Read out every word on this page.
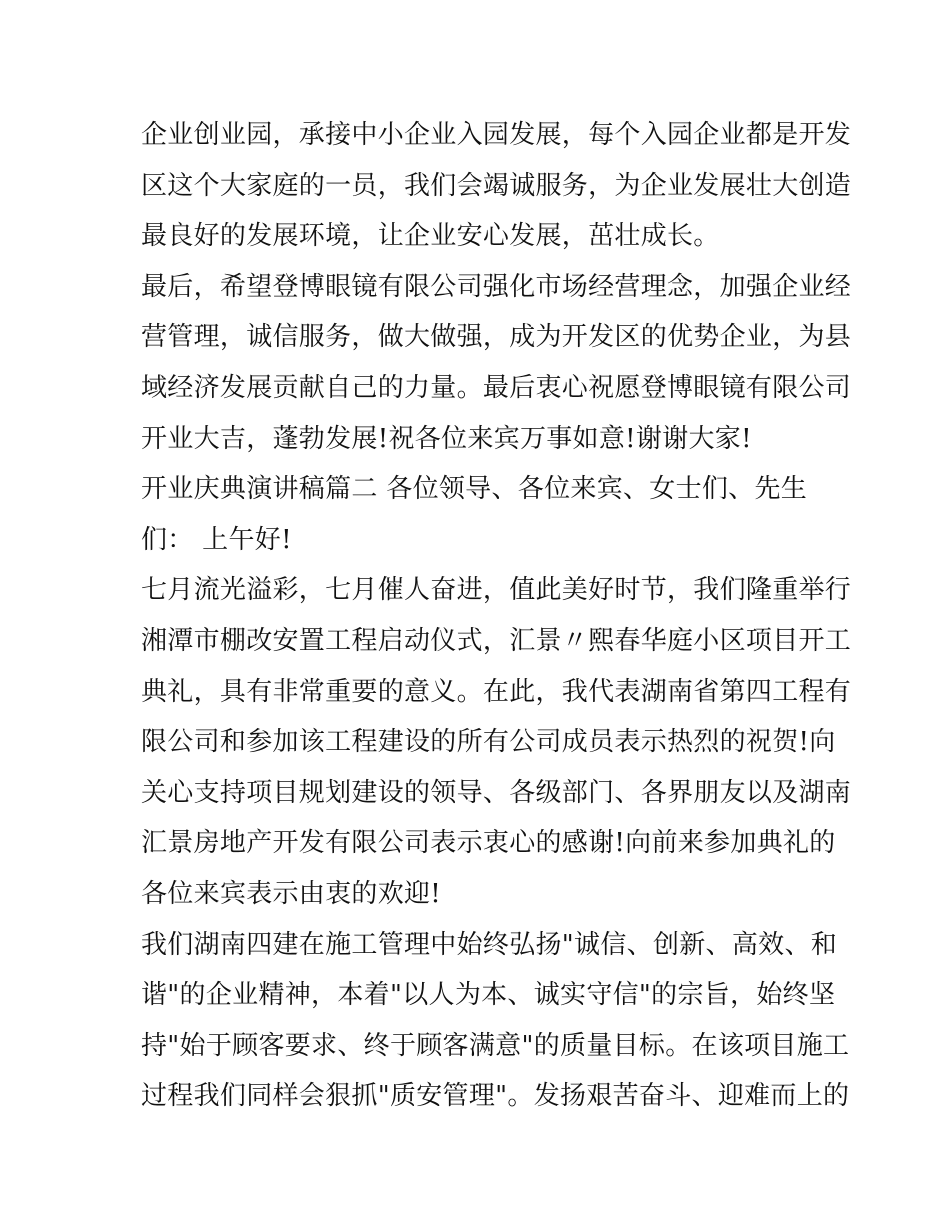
企业创业园，承接中小企业入园发展，每个入园企业都是开发
区这个大家庭的一员，我们会竭诚服务，为企业发展壮大创造
最良好的发展环境，让企业安心发展，茁壮成长。
最后，希望登博眼镜有限公司强化市场经营理念，加强企业经
营管理，诚信服务，做大做强，成为开发区的优势企业，为县
域经济发展贡献自己的力量。最后衷心祝愿登博眼镜有限公司
开业大吉，蓬勃发展!祝各位来宾万事如意!谢谢大家!
开业庆典演讲稿篇二 各位领导、各位来宾、女士们、先生
们： 上午好!
七月流光溢彩，七月催人奋进，值此美好时节，我们隆重举行
湘潭市棚改安置工程启动仪式，汇景〃熙春华庭小区项目开工
典礼，具有非常重要的意义。在此，我代表湖南省第四工程有
限公司和参加该工程建设的所有公司成员表示热烈的祝贺!向
关心支持项目规划建设的领导、各级部门、各界朋友以及湖南
汇景房地产开发有限公司表示衷心的感谢!向前来参加典礼的
各位来宾表示由衷的欢迎!
我们湖南四建在施工管理中始终弘扬"诚信、创新、高效、和
谐"的企业精神，本着"以人为本、诚实守信"的宗旨，始终坚
持"始于顾客要求、终于顾客满意"的质量目标。在该项目施工
过程我们同样会狠抓"质安管理"。发扬艰苦奋斗、迎难而上的
